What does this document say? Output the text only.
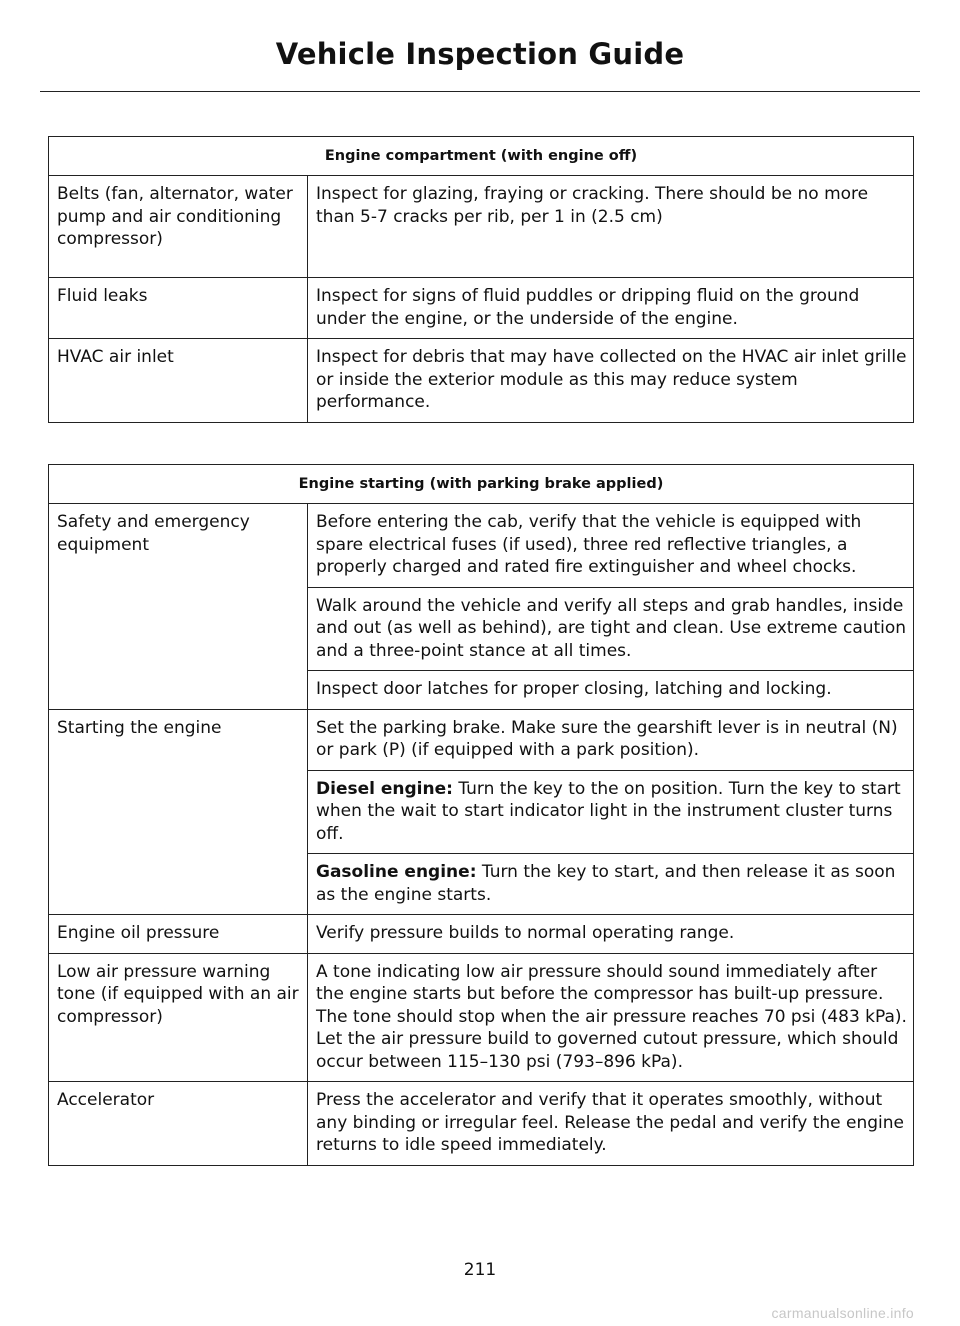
Vehicle Inspection Guide
Engine compartment (with engine off)	
Belts (fan, alternator, water pump and air conditioning compressor)	Inspect for glazing, fraying or cracking. There should be no more than 5-7 cracks per rib, per 1 in (2.5 cm)
Fluid leaks	Inspect for signs of fluid puddles or dripping fluid on the ground under the engine, or the underside of the engine.
HVAC air inlet	Inspect for debris that may have collected on the HVAC air inlet grille or inside the exterior module as this may reduce system performance.
Engine starting (with parking brake applied)	
Safety and emergency equipment	Before entering the cab, verify that the vehicle is equipped with spare electrical fuses (if used), three red reflective triangles, a properly charged and rated fire extinguisher and wheel chocks.
	Walk around the vehicle and verify all steps and grab handles, inside and out (as well as behind), are tight and clean. Use extreme caution and a three-point stance at all times.
	Inspect door latches for proper closing, latching and locking.
Starting the engine	Set the parking brake. Make sure the gearshift lever is in neutral (N) or park (P) (if equipped with a park position).
	Diesel engine: Turn the key to the on position. Turn the key to start when the wait to start indicator light in the instrument cluster turns off.
	Gasoline engine: Turn the key to start, and then release it as soon as the engine starts.
Engine oil pressure	Verify pressure builds to normal operating range.
Low air pressure warning tone (if equipped with an air compressor)	A tone indicating low air pressure should sound immediately after the engine starts but before the compressor has built-up pressure. The tone should stop when the air pressure reaches 70 psi (483 kPa). Let the air pressure build to governed cutout pressure, which should occur between 115–130 psi (793–896 kPa).
Accelerator	Press the accelerator and verify that it operates smoothly, without any binding or irregular feel. Release the pedal and verify the engine returns to idle speed immediately.
211
carmanualsonline.info
